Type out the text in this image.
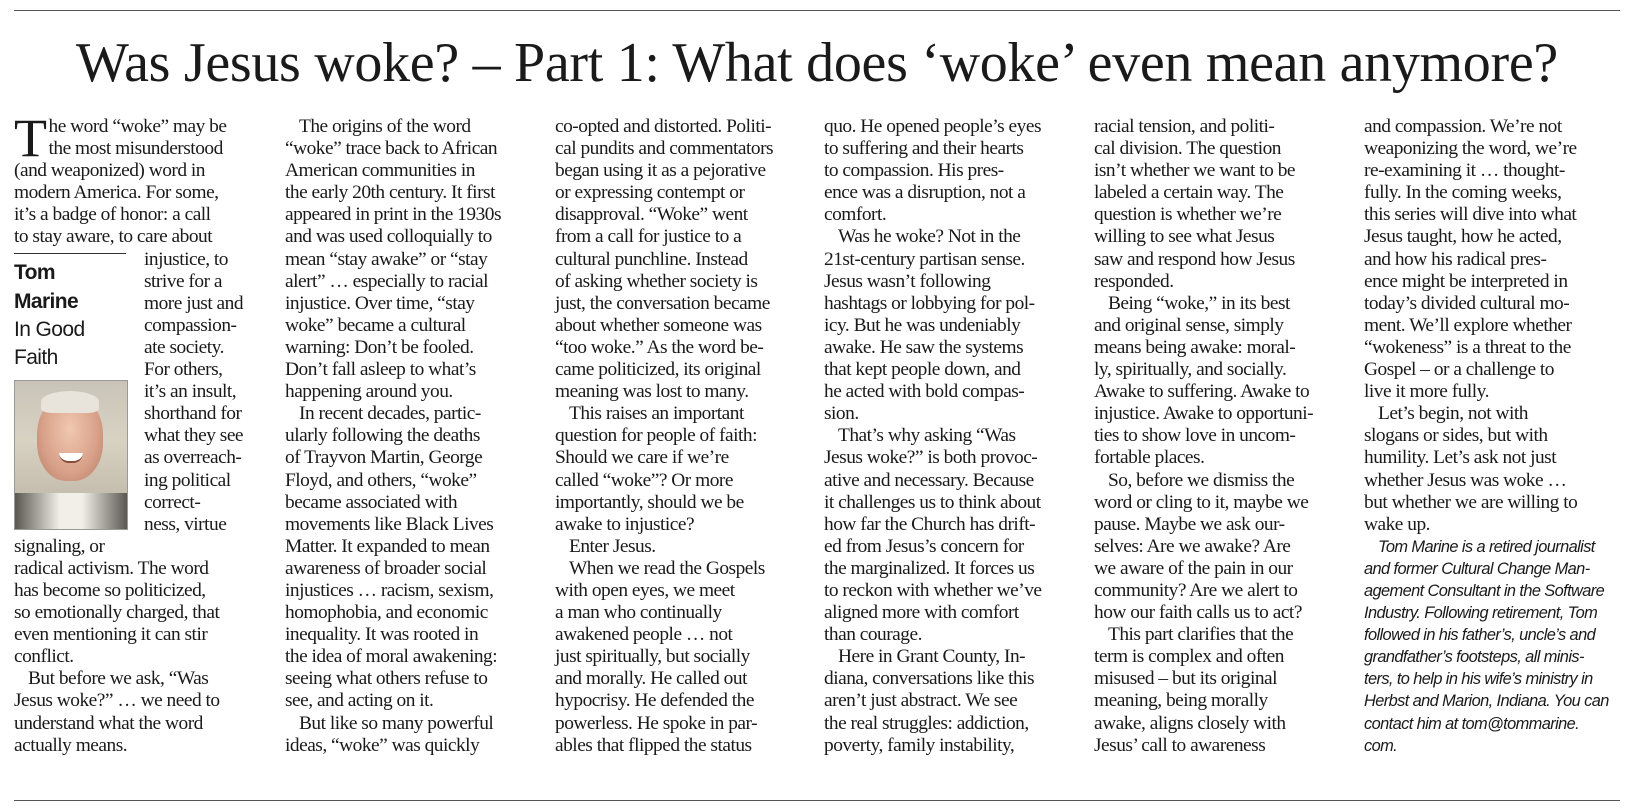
Was Jesus woke? – Part 1: What does ‘woke’ even mean anymore?
T he word “woke” may be
the most misunderstood
(and weaponized) word in
modern America. For some,
it’s a badge of honor: a call
to stay aware, to care about
Tom
Marine
In Good
Faith
injustice, to
strive for a
more just and
compassion-
ate society.
For others,
it’s an insult,
shorthand for
what they see
as overreach-
ing political
correct-
ness, virtue
signaling, or
radical activism. The word
has become so politicized,
so emotionally charged, that
even mentioning it can stir
conflict.
But before we ask, “Was
Jesus woke?” … we need to
understand what the word
actually means.
The origins of the word
“woke” trace back to African
American communities in
the early 20th century. It first
appeared in print in the 1930s
and was used colloquially to
mean “stay awake” or “stay
alert” … especially to racial
injustice. Over time, “stay
woke” became a cultural
warning: Don’t be fooled.
Don’t fall asleep to what’s
happening around you.
In recent decades, partic-
ularly following the deaths
of Trayvon Martin, George
Floyd, and others, “woke”
became associated with
movements like Black Lives
Matter. It expanded to mean
awareness of broader social
injustices … racism, sexism,
homophobia, and economic
inequality. It was rooted in
the idea of moral awakening:
seeing what others refuse to
see, and acting on it.
But like so many powerful
ideas, “woke” was quickly
co-opted and distorted. Politi-
cal pundits and commentators
began using it as a pejorative
or expressing contempt or
disapproval. “Woke” went
from a call for justice to a
cultural punchline. Instead
of asking whether society is
just, the conversation became
about whether someone was
“too woke.” As the word be-
came politicized, its original
meaning was lost to many.
This raises an important
question for people of faith:
Should we care if we’re
called “woke”? Or more
importantly, should we be
awake to injustice?
Enter Jesus.
When we read the Gospels
with open eyes, we meet
a man who continually
awakened people … not
just spiritually, but socially
and morally. He called out
hypocrisy. He defended the
powerless. He spoke in par-
ables that flipped the status
quo. He opened people’s eyes
to suffering and their hearts
to compassion. His pres-
ence was a disruption, not a
comfort.
Was he woke? Not in the
21st-century partisan sense.
Jesus wasn’t following
hashtags or lobbying for pol-
icy. But he was undeniably
awake. He saw the systems
that kept people down, and
he acted with bold compas-
sion.
That’s why asking “Was
Jesus woke?” is both provoc-
ative and necessary. Because
it challenges us to think about
how far the Church has drift-
ed from Jesus’s concern for
the marginalized. It forces us
to reckon with whether we’ve
aligned more with comfort
than courage.
Here in Grant County, In-
diana, conversations like this
aren’t just abstract. We see
the real struggles: addiction,
poverty, family instability,
racial tension, and politi-
cal division. The question
isn’t whether we want to be
labeled a certain way. The
question is whether we’re
willing to see what Jesus
saw and respond how Jesus
responded.
Being “woke,” in its best
and original sense, simply
means being awake: moral-
ly, spiritually, and socially.
Awake to suffering. Awake to
injustice. Awake to opportuni-
ties to show love in uncom-
fortable places.
So, before we dismiss the
word or cling to it, maybe we
pause. Maybe we ask our-
selves: Are we awake? Are
we aware of the pain in our
community? Are we alert to
how our faith calls us to act?
This part clarifies that the
term is complex and often
misused – but its original
meaning, being morally
awake, aligns closely with
Jesus’ call to awareness
and compassion. We’re not
weaponizing the word, we’re
re-examining it … thought-
fully. In the coming weeks,
this series will dive into what
Jesus taught, how he acted,
and how his radical pres-
ence might be interpreted in
today’s divided cultural mo-
ment. We’ll explore whether
“wokeness” is a threat to the
Gospel – or a challenge to
live it more fully.
Let’s begin, not with
slogans or sides, but with
humility. Let’s ask not just
whether Jesus was woke …
but whether we are willing to
wake up.
Tom Marine is a retired journalist
and former Cultural Change Man-
agement Consultant in the Software
Industry. Following retirement, Tom
followed in his father’s, uncle’s and
grandfather’s footsteps, all minis-
ters, to help in his wife’s ministry in
Herbst and Marion, Indiana. You can
contact him at tom@tommarine.
com.
